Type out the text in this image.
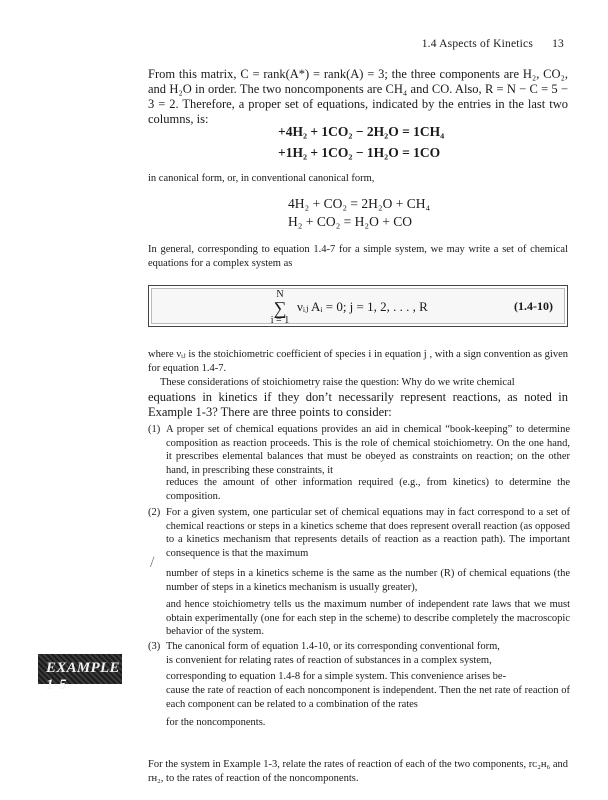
1.4 Aspects of Kinetics 13
From this matrix, C = rank(A*) = rank(A) = 3; the three components are H₂, CO₂, and H₂O in order. The two noncomponents are CH₄ and CO. Also, R = N − C = 5 − 3 = 2. Therefore, a proper set of equations, indicated by the entries in the last two columns, is:
+4H₂ + 1CO₂ − 2H₂O = 1CH₄
+1H₂ + 1CO₂ − 1H₂O = 1CO
in canonical form, or, in conventional canonical form,
4H₂ + CO₂ = 2H₂O + CH₄
H₂ + CO₂ = H₂O + CO
In general, corresponding to equation 1.4-7 for a simple system, we may write a set of chemical equations for a complex system as
N
∑
i = 1
νᵢⱼ Aᵢ = 0; j = 1, 2, . . . , R	(1.4-10)
where νᵢⱼ is the stoichiometric coefficient of species i in equation j , with a sign convention as given for equation 1.4-7.
These considerations of stoichiometry raise the question: Why do we write chemical
equations in kinetics if they don’t necessarily represent reactions, as noted in Example 1-3? There are three points to consider:
(1) A proper set of chemical equations provides an aid in chemical “book-keeping” to determine composition as reaction proceeds. This is the role of chemical stoichiometry. On the one hand, it prescribes elemental balances that must be obeyed as constraints on reaction; on the other hand, in prescribing these constraints, it
reduces the amount of other information required (e.g., from kinetics) to determine the composition.
(2) For a given system, one particular set of chemical equations may in fact correspond to a set of chemical reactions or steps in a kinetics scheme that does represent overall reaction (as opposed to a kinetics mechanism that represents details of reaction as a reaction path). The important consequence is that the maximum
number of steps in a kinetics scheme is the same as the number (R) of chemical equations (the number of steps in a kinetics mechanism is usually greater),
and hence stoichiometry tells us the maximum number of independent rate laws that we must obtain experimentally (one for each step in the scheme) to describe completely the macroscopic behavior of the system.
(3) The canonical form of equation 1.4-10, or its corresponding conventional form,
is convenient for relating rates of reaction of substances in a complex system,
corresponding to equation 1.4-8 for a simple system. This convenience arises be-
cause the rate of reaction of each noncomponent is independent. Then the net rate of reaction of each component can be related to a combination of the rates
for the noncomponents.
/
EXAMPLE 1-5
For the system in Example 1-3, relate the rates of reaction of each of the two components, rᴄ₂ʜ₆ and rʜ₂, to the rates of reaction of the noncomponents.
